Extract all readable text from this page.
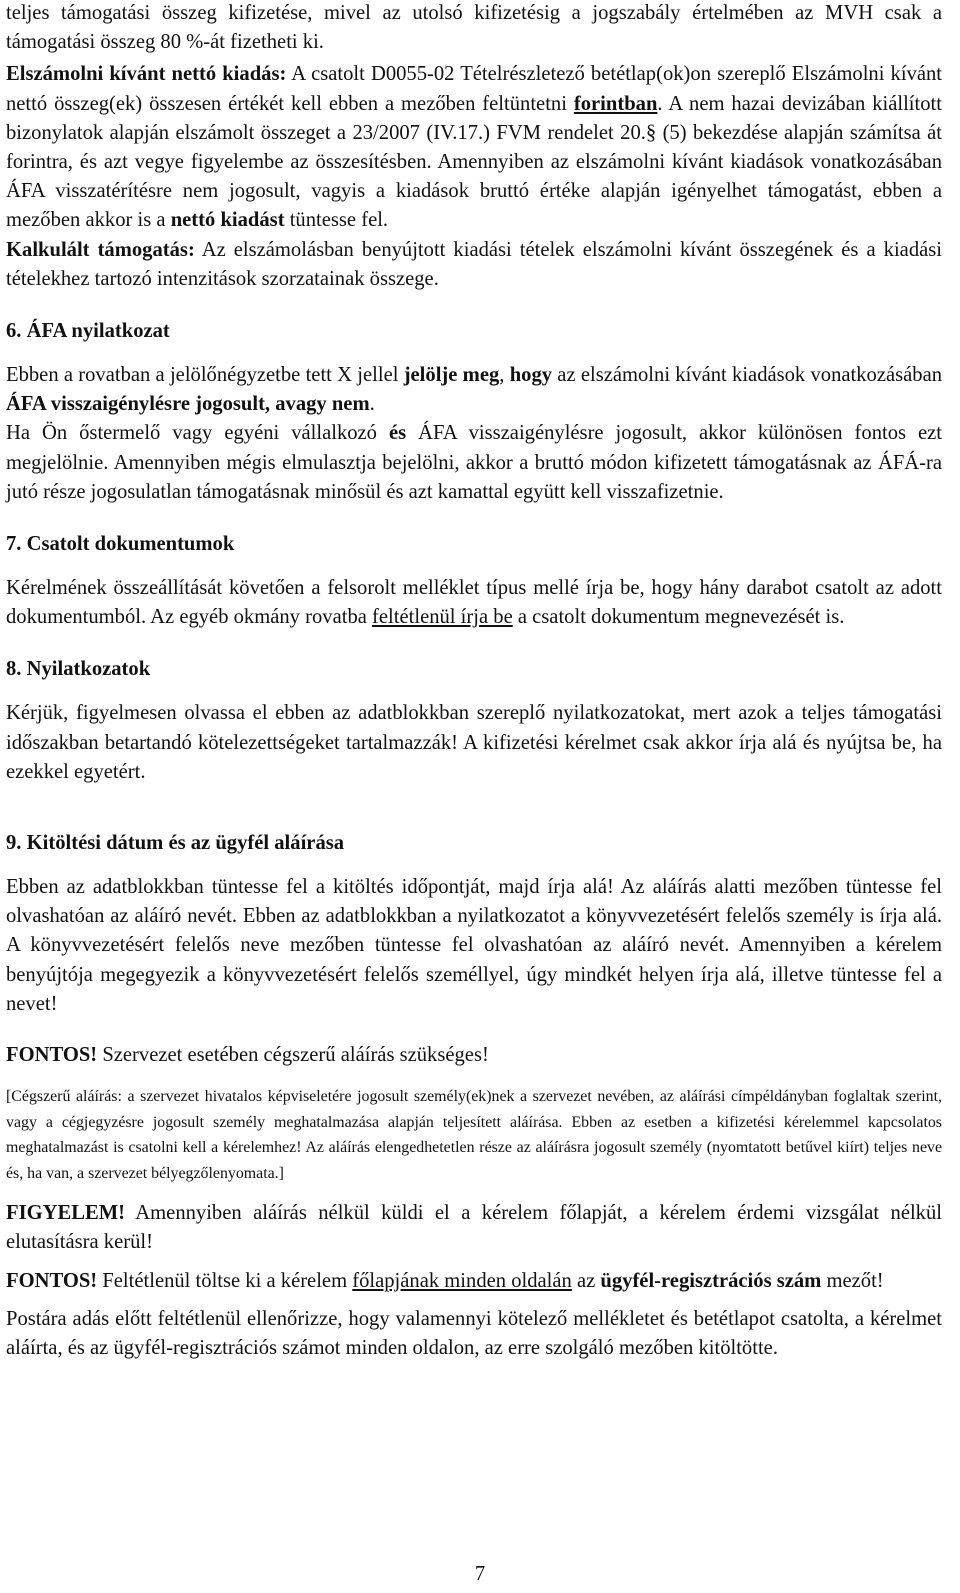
teljes támogatási összeg kifizetése, mivel az utolsó kifizetésig a jogszabály értelmében az MVH csak a támogatási összeg 80 %-át fizetheti ki.

Elszámolni kívánt nettó kiadás: A csatolt D0055-02 Tételrészletező betétlap(ok)on szereplő Elszámolni kívánt nettó összeg(ek) összesen értékét kell ebben a mezőben feltüntetni forintban. A nem hazai devizában kiállított bizonylatok alapján elszámolt összeget a 23/2007 (IV.17.) FVM rendelet 20.§ (5) bekezdése alapján számítsa át forintra, és azt vegye figyelembe az összesítésben. Amennyiben az elszámolni kívánt kiadások vonatkozásában ÁFA visszatérítésre nem jogosult, vagyis a kiadások bruttó értéke alapján igényelhet támogatást, ebben a mezőben akkor is a nettó kiadást tüntesse fel.

Kalkulált támogatás: Az elszámolásban benyújtott kiadási tételek elszámolni kívánt összegének és a kiadási tételekhez tartozó intenzitások szorzatainak összege.

6. ÁFA nyilatkozat

Ebben a rovatban a jelölőnégyzetbe tett X jellel jelölje meg, hogy az elszámolni kívánt kiadások vonatkozásában ÁFA visszaigénylésre jogosult, avagy nem.

Ha Ön őstermelő vagy egyéni vállalkozó és ÁFA visszaigénylésre jogosult, akkor különösen fontos ezt megjelölnie. Amennyiben mégis elmulasztja bejelölni, akkor a bruttó módon kifizetett támogatásnak az ÁFÁ-ra jutó része jogosulatlan támogatásnak minősül és azt kamattal együtt kell visszafizetnie.

7. Csatolt dokumentumok

Kérelmének összeállítását követően a felsorolt melléklet típus mellé írja be, hogy hány darabot csatolt az adott dokumentumból. Az egyéb okmány rovatba feltétlenül írja be a csatolt dokumentum megnevezését is.

8. Nyilatkozatok

Kérjük, figyelmesen olvassa el ebben az adatblokkban szereplő nyilatkozatokat, mert azok a teljes támogatási időszakban betartandó kötelezettségeket tartalmazzák! A kifizetési kérelmet csak akkor írja alá és nyújtsa be, ha ezekkel egyetért.

9. Kitöltési dátum és az ügyfél aláírása

Ebben az adatblokkban tüntesse fel a kitöltés időpontját, majd írja alá! Az aláírás alatti mezőben tüntesse fel olvashatóan az aláíró nevét. Ebben az adatblokkban a nyilatkozatot a könyvvezetésért felelős személy is írja alá. A könyvvezetésért felelős neve mezőben tüntesse fel olvashatóan az aláíró nevét. Amennyiben a kérelem benyújtója megegyezik a könyvvezetésért felelős személlyel, úgy mindkét helyen írja alá, illetve tüntesse fel a nevet!

FONTOS! Szervezet esetében cégszerű aláírás szükséges!

[Cégszerű aláírás: a szervezet hivatalos képviseletére jogosult személy(ek)nek a szervezet nevében, az aláírási címpéldányban foglaltak szerint, vagy a cégjegyzésre jogosult személy meghatalmazása alapján teljesített aláírása. Ebben az esetben a kifizetési kérelemmel kapcsolatos meghatalmazást is csatolni kell a kérelemhez! Az aláírás elengedhetetlen része az aláírásra jogosult személy (nyomtatott betűvel kiírt) teljes neve és, ha van, a szervezet bélyegzőlenyomata.]

FIGYELEM! Amennyiben aláírás nélkül küldi el a kérelem főlapját, a kérelem érdemi vizsgálat nélkül elutasításra kerül!

FONTOS! Feltétlenül töltse ki a kérelem főlapjának minden oldalán az ügyfél-regisztrációs szám mezőt!

Postára adás előtt feltétlenül ellenőrizze, hogy valamennyi kötelező mellékletet és betétlapot csatolta, a kérelmet aláírta, és az ügyfél-regisztrációs számot minden oldalon, az erre szolgáló mezőben kitöltötte.

7
